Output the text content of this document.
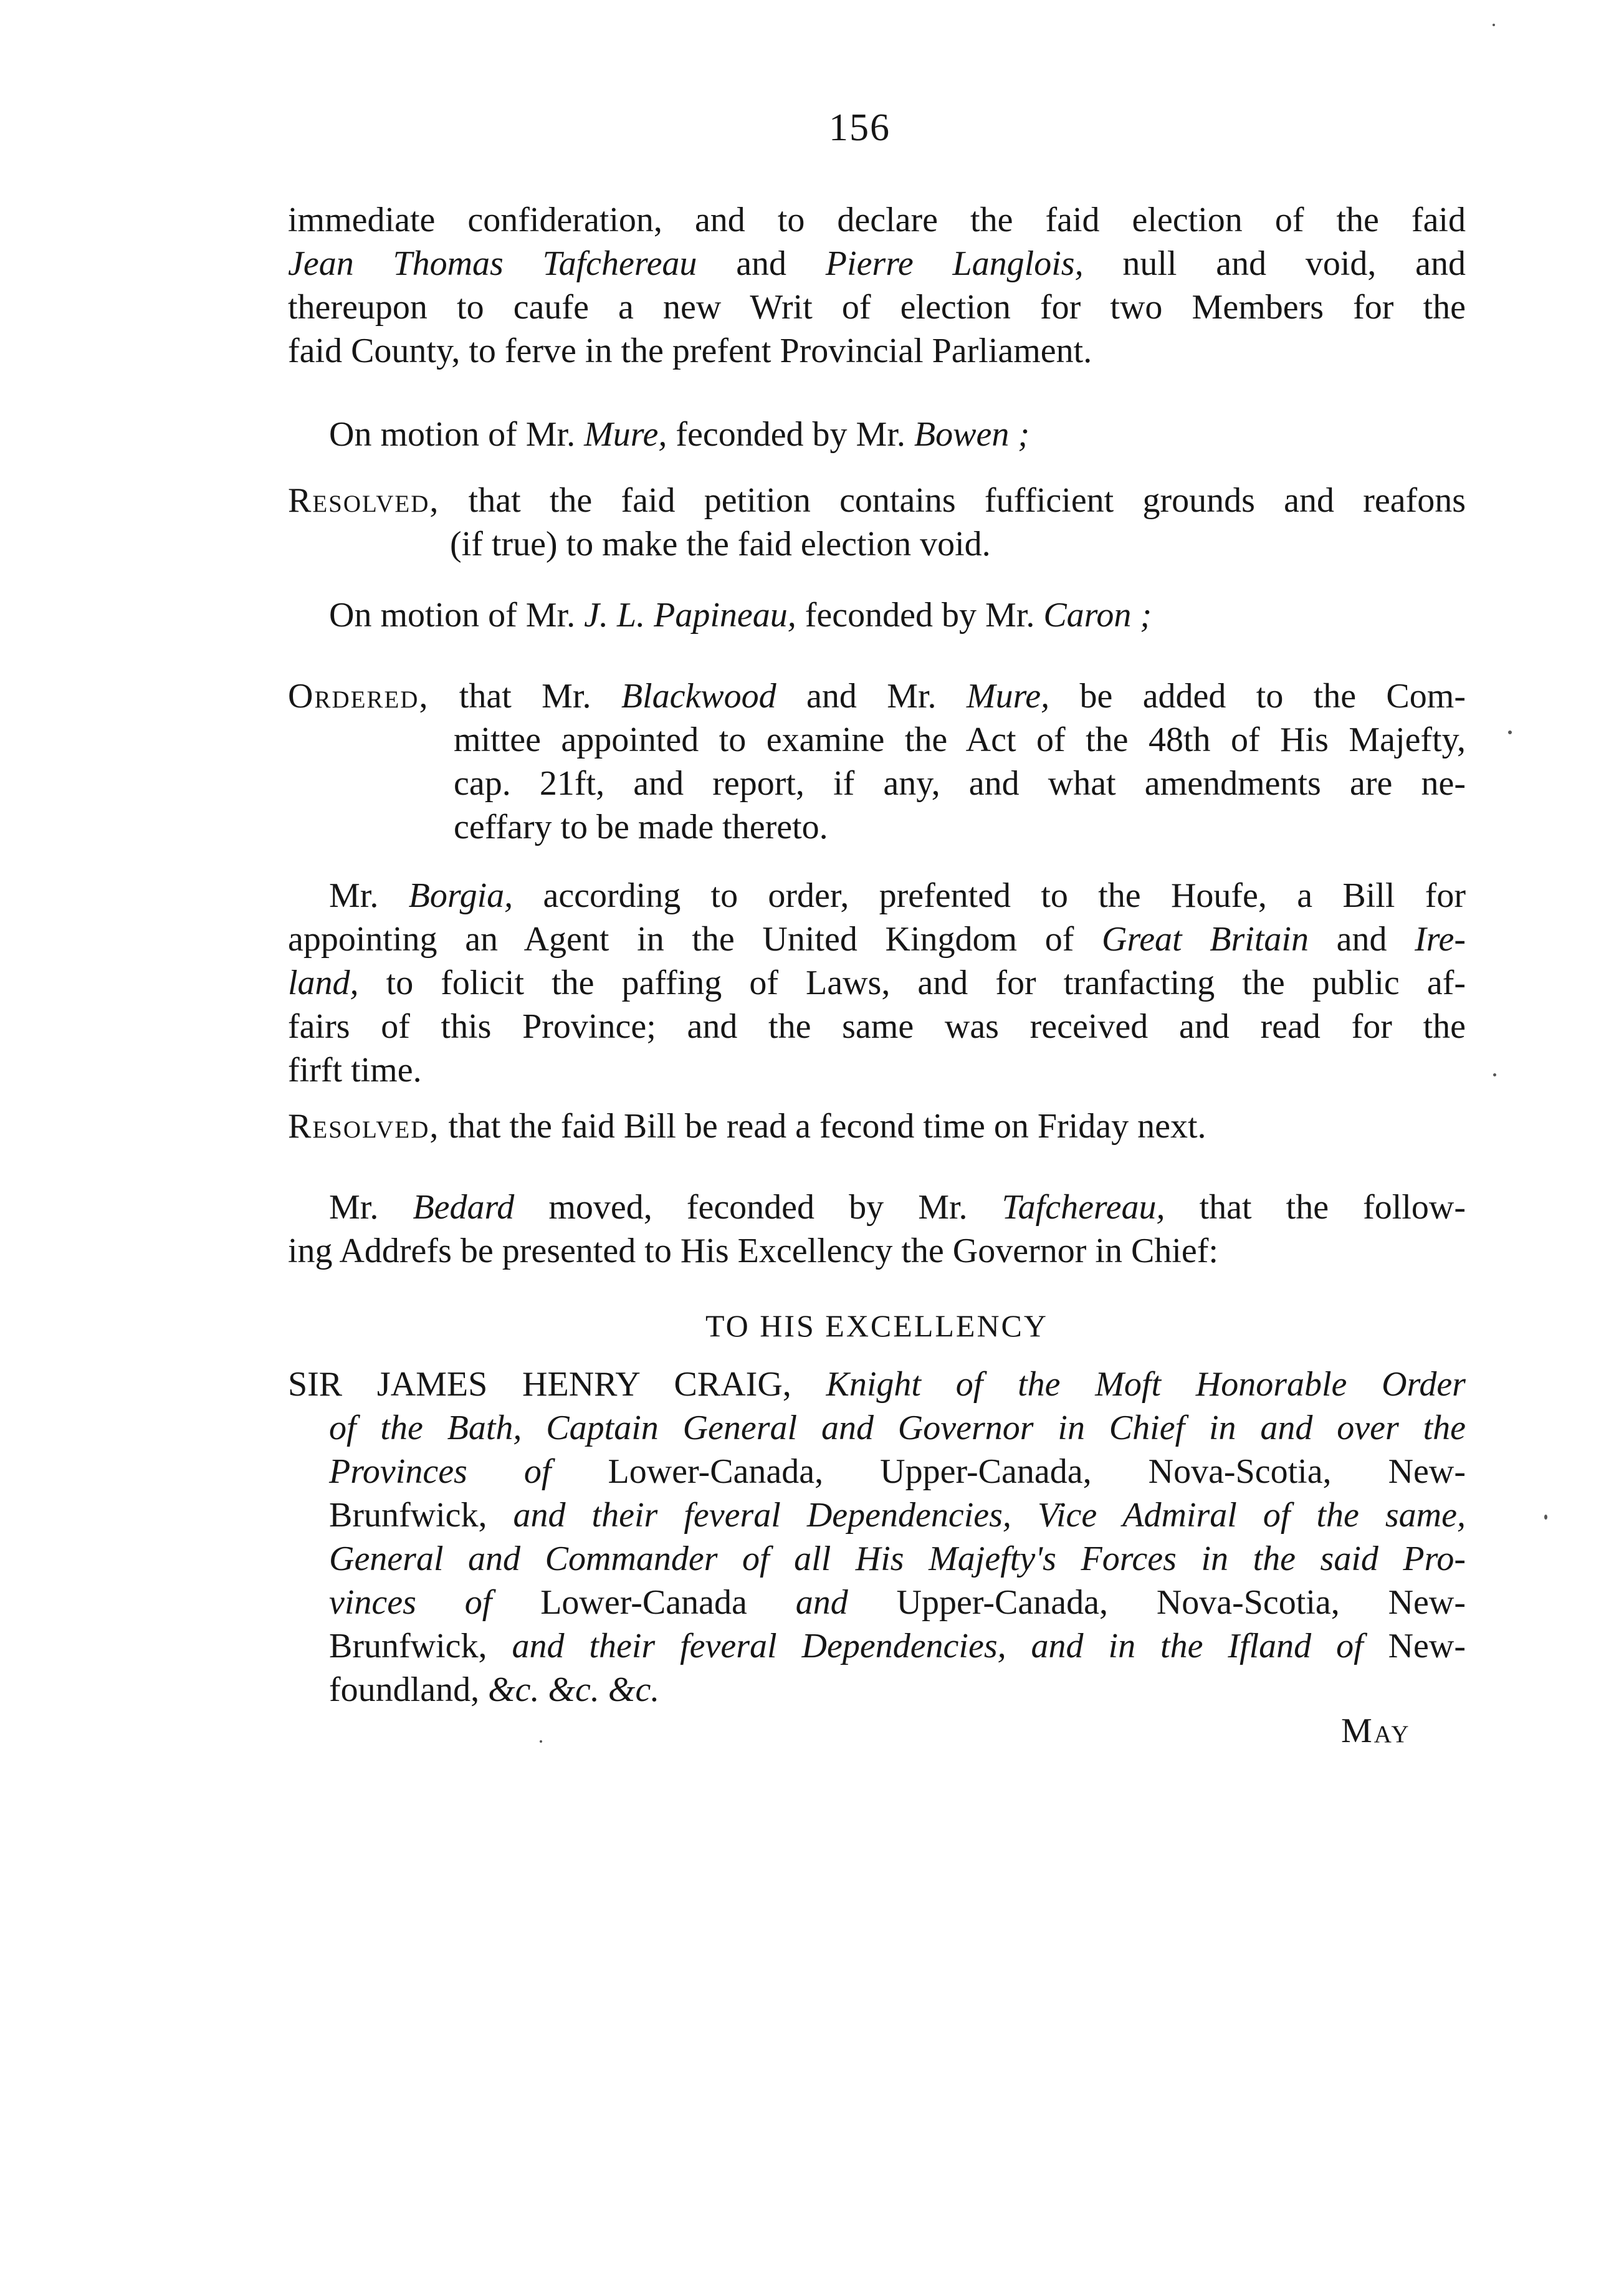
156
immediate confideration, and to declare the faid election of the faid
Jean Thomas Tafchereau and Pierre Langlois, null and void, and
thereupon to caufe a new Writ of election for two Members for the
faid County, to ferve in the prefent Provincial Parliament.
On motion of Mr. Mure, feconded by Mr. Bowen ;
Resolved, that the faid petition contains fufficient grounds and reafons
(if true) to make the faid election void.
On motion of Mr. J. L. Papineau, feconded by Mr. Caron ;
Ordered, that Mr. Blackwood and Mr. Mure, be added to the Com-
mittee appointed to examine the Act of the 48th of His Majefty,
cap. 21ft, and report, if any, and what amendments are ne-
ceffary to be made thereto.
Mr. Borgia, according to order, prefented to the Houfe, a Bill for
appointing an Agent in the United Kingdom of Great Britain and Ire-
land, to folicit the paffing of Laws, and for tranfacting the public af-
fairs of this Province; and the same was received and read for the
firft time.
Resolved, that the faid Bill be read a fecond time on Friday next.
Mr. Bedard moved, feconded by Mr. Tafchereau, that the follow-
ing Addrefs be presented to His Excellency the Governor in Chief:
TO HIS EXCELLENCY
SIR JAMES HENRY CRAIG, Knight of the Moft Honorable Order
of the Bath, Captain General and Governor in Chief in and over the
Provinces of Lower-Canada, Upper-Canada, Nova-Scotia, New-
Brunfwick, and their feveral Dependencies, Vice Admiral of the same,
General and Commander of all His Majefty's Forces in the said Pro-
vinces of Lower-Canada and Upper-Canada, Nova-Scotia, New-
Brunfwick, and their feveral Dependencies, and in the Ifland of New-
foundland, &c. &c. &c.
May
